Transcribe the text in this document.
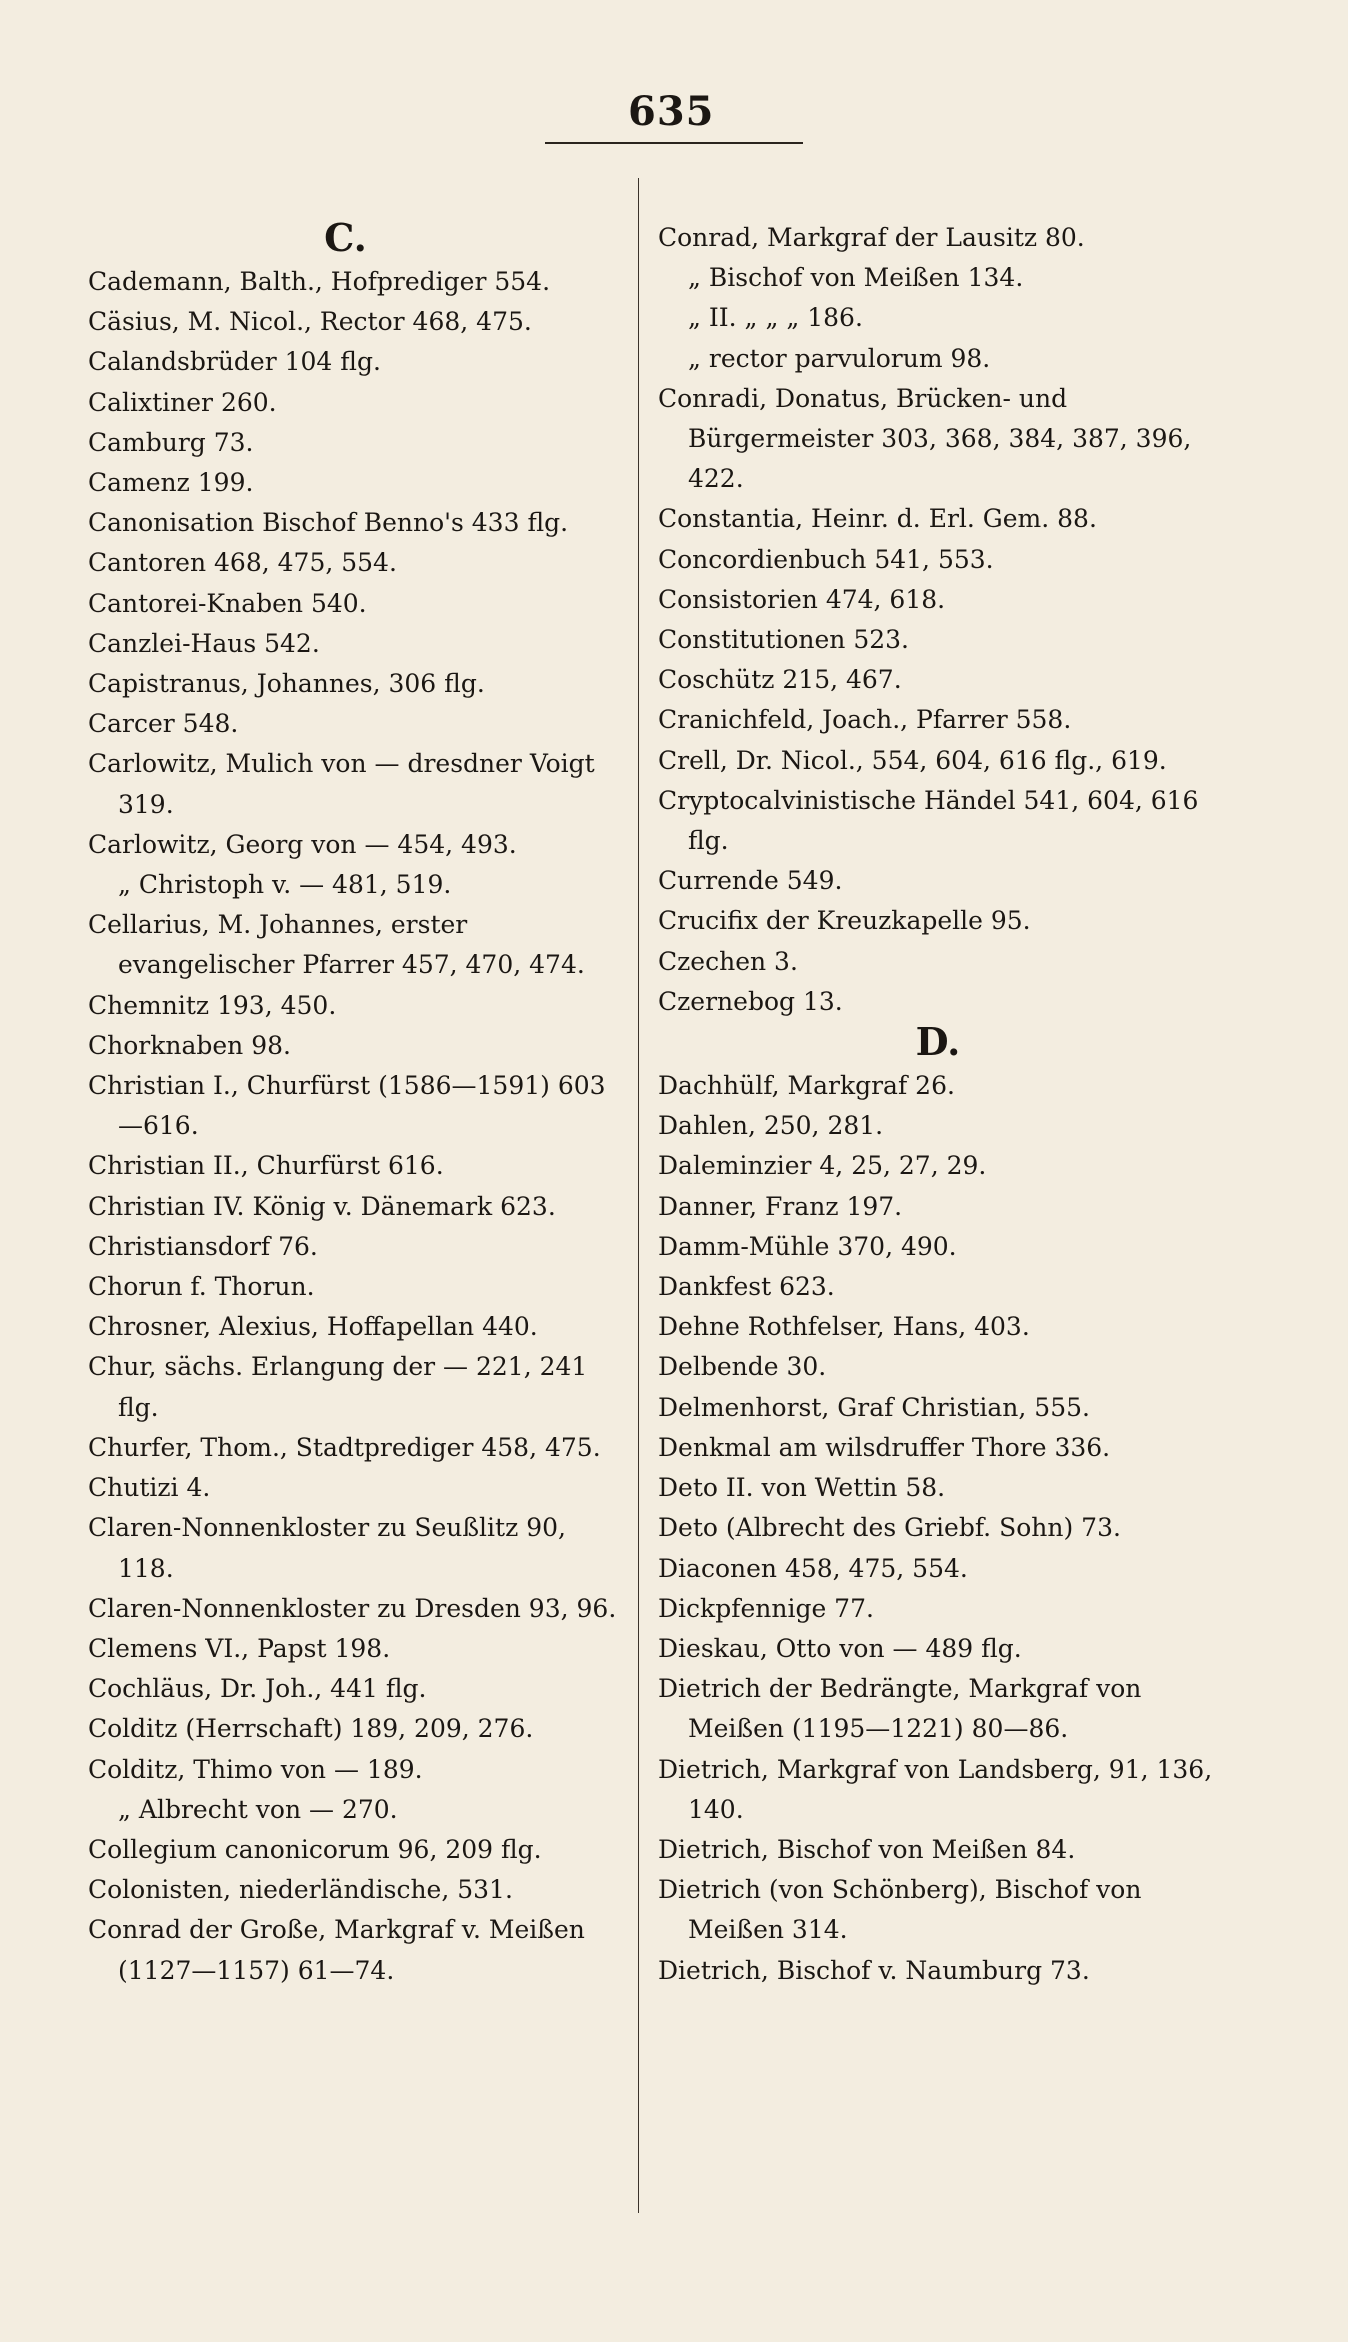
635
C.
Cademann, Balth., Hofprediger 554.
Cäsius, M. Nicol., Rector 468, 475.
Calandsbrüder 104 flg.
Calixtiner 260.
Camburg 73.
Camenz 199.
Canonisation Bischof Benno's 433 flg.
Cantoren 468, 475, 554.
Cantorei-Knaben 540.
Canzlei-Haus 542.
Capistranus, Johannes, 306 flg.
Carcer 548.
Carlowitz, Mulich von — dresdner Voigt 319.
Carlowitz, Georg von — 454, 493.
„ Christoph v. — 481, 519.
Cellarius, M. Johannes, erster evangelischer Pfarrer 457, 470, 474.
Chemnitz 193, 450.
Chorknaben 98.
Christian I., Churfürst (1586—1591) 603—616.
Christian II., Churfürst 616.
Christian IV. König v. Dänemark 623.
Christiansdorf 76.
Chorun f. Thorun.
Chrosner, Alexius, Hoffapellan 440.
Chur, sächs. Erlangung der — 221, 241 flg.
Churfer, Thom., Stadtprediger 458, 475.
Chutizi 4.
Claren-Nonnenkloster zu Seußlitz 90, 118.
Claren-Nonnenkloster zu Dresden 93, 96.
Clemens VI., Papst 198.
Cochläus, Dr. Joh., 441 flg.
Colditz (Herrschaft) 189, 209, 276.
Colditz, Thimo von — 189.
„ Albrecht von — 270.
Collegium canonicorum 96, 209 flg.
Colonisten, niederländische, 531.
Conrad der Große, Markgraf v. Meißen (1127—1157) 61—74.
Conrad, Markgraf der Lausitz 80.
„ Bischof von Meißen 134.
„ II. „ „ „ 186.
„ rector parvulorum 98.
Conradi, Donatus, Brücken- und Bürgermeister 303, 368, 384, 387, 396, 422.
Constantia, Heinr. d. Erl. Gem. 88.
Concordienbuch 541, 553.
Consistorien 474, 618.
Constitutionen 523.
Coschütz 215, 467.
Cranichfeld, Joach., Pfarrer 558.
Crell, Dr. Nicol., 554, 604, 616 flg., 619.
Cryptocalvinistische Händel 541, 604, 616 flg.
Currende 549.
Crucifix der Kreuzkapelle 95.
Czechen 3.
Czernebog 13.
D.
Dachhülf, Markgraf 26.
Dahlen, 250, 281.
Daleminzier 4, 25, 27, 29.
Danner, Franz 197.
Damm-Mühle 370, 490.
Dankfest 623.
Dehne Rothfelser, Hans, 403.
Delbende 30.
Delmenhorst, Graf Christian, 555.
Denkmal am wilsdruffer Thore 336.
Deto II. von Wettin 58.
Deto (Albrecht des Griebf. Sohn) 73.
Diaconen 458, 475, 554.
Dickpfennige 77.
Dieskau, Otto von — 489 flg.
Dietrich der Bedrängte, Markgraf von Meißen (1195—1221) 80—86.
Dietrich, Markgraf von Landsberg, 91, 136, 140.
Dietrich, Bischof von Meißen 84.
Dietrich (von Schönberg), Bischof von Meißen 314.
Dietrich, Bischof v. Naumburg 73.
